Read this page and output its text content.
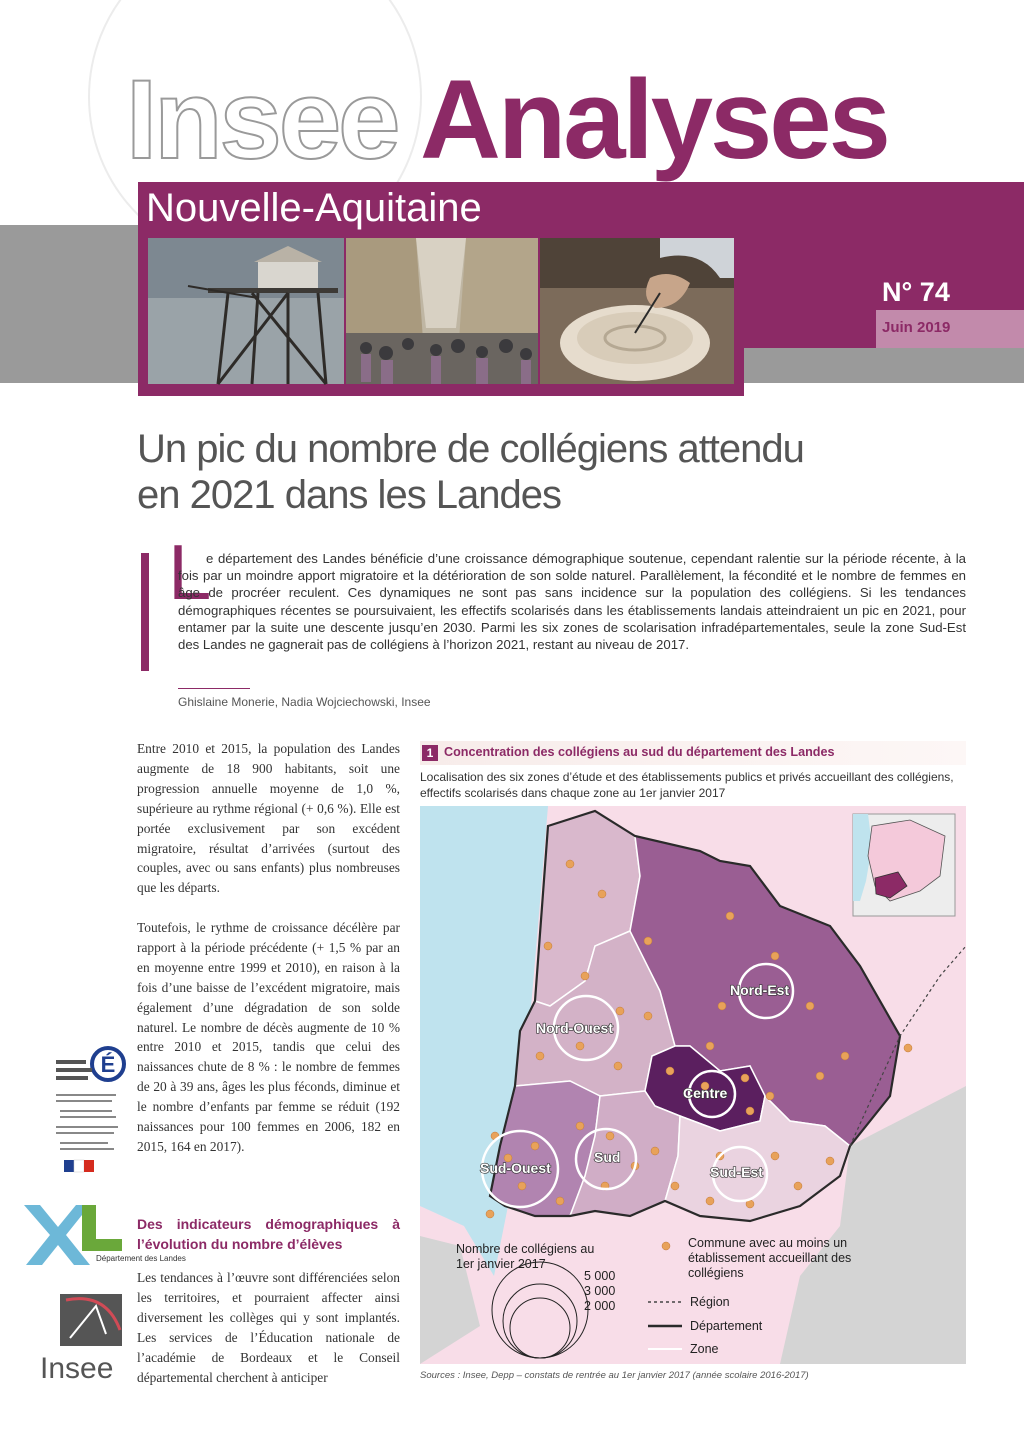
Insee Analyses
Nouvelle-Aquitaine
N° 74
Juin 2019
Un pic du nombre de collégiens attendu
en 2021 dans les Landes
L
e département des Landes bénéficie d’une croissance démographique soutenue, cependant ralentie sur la période récente, à la fois par un moindre apport migratoire et la détérioration de son solde naturel. Parallèlement, la fécondité et le nombre de femmes en âge de procréer reculent. Ces dynamiques ne sont pas sans incidence sur la population des collégiens. Si les tendances démographiques récentes se poursuivaient, les effectifs scolarisés dans les établissements landais atteindraient un pic en 2021, pour entamer par la suite une descente jusqu’en 2030. Parmi les six zones de scolarisation infradépartementales, seule la zone Sud-Est des Landes ne gagnerait pas de collégiens à l’horizon 2021, restant au niveau de 2017.
Ghislaine Monerie, Nadia Wojciechowski, Insee
Entre 2010 et 2015, la population des Landes augmente de 18 900 habitants, soit une progression annuelle moyenne de 1,0 %, supérieure au rythme régional (+ 0,6 %). Elle est portée exclusivement par son excédent migratoire, résultat d’arrivées (surtout des couples, avec ou sans enfants) plus nombreuses que les départs.
Toutefois, le rythme de croissance décélère par rapport à la période précédente (+ 1,5 % par an en moyenne entre 1999 et 2010), en raison à la fois d’une baisse de l’excédent migratoire, mais également d’une dégradation de son solde naturel. Le nombre de décès augmente de 10 % entre 2010 et 2015, tandis que celui des naissances chute de 8 % : le nombre de femmes de 20 à 39 ans, âges les plus féconds, diminue et le nombre d’enfants par femme se réduit (192 naissances pour 100 femmes en 2006, 182 en 2015, 164 en 2017).
Des indicateurs démographiques à l’évolution du nombre d’élèves
Les tendances à l’œuvre sont différenciées selon les territoires, et pourraient affecter ainsi diversement les collèges qui y sont implantés. Les services de l’Éducation nationale de l’académie de Bordeaux et le Conseil départemental cherchent à anticiper
É
Département des Landes
Insee
1 Concentration des collégiens au sud du département des Landes
Localisation des six zones d’étude et des établissements publics et privés accueillant des collégiens, effectifs scolarisés dans chaque zone au 1er janvier 2017
Nord-Est
Nord-Ouest
Centre
Sud-Ouest
Sud
Sud-Est
Nombre de collégiens au 1er janvier 2017
5 000
3 000
2 000
Commune avec au moins un établissement accueillant des collégiens
Région
Département
Zone
Sources : Insee, Depp – constats de rentrée au 1er janvier 2017 (année scolaire 2016-2017)
